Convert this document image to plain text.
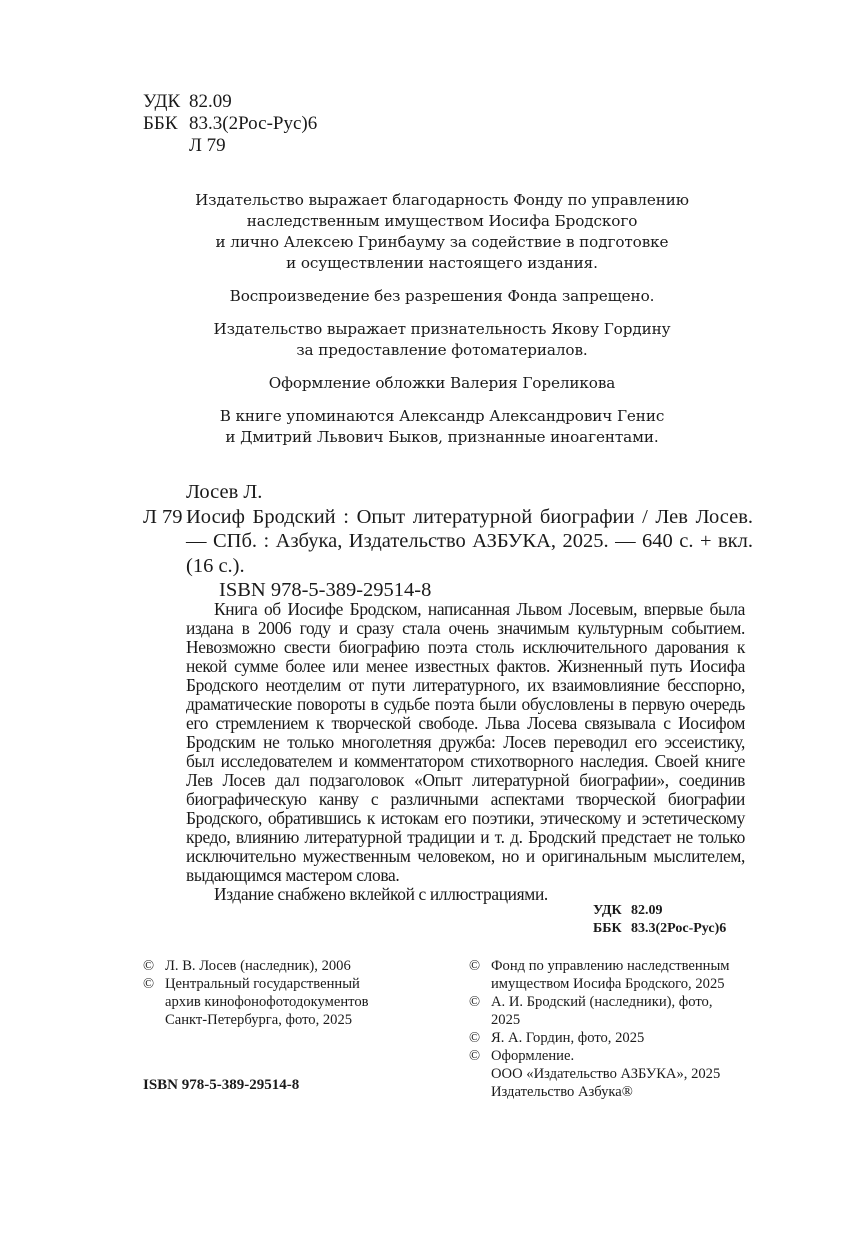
УДК 82.09
ББК 83.3(2Рос-Рус)6
Л 79

Издательство выражает благодарность Фонду по управлению
наследственным имуществом Иосифа Бродского
и лично Алексею Гринбауму за содействие в подготовке
и осуществлении настоящего издания.

Воспроизведение без разрешения Фонда запрещено.

Издательство выражает признательность Якову Гордину
за предоставление фотоматериалов.

Оформление обложки Валерия Гореликова

В книге упоминаются Александр Александрович Генис
и Дмитрий Львович Быков, признанные иноагентами.

Лосев Л.

Л 79 Иосиф Бродский : Опыт литературной биографии / Лев Лосев. — СПб. : Азбука, Издательство АЗБУКА, 2025. — 640 с. + вкл. (16 с.).

ISBN 978-5-389-29514-8

Книга об Иосифе Бродском, написанная Львом Лосевым, впервые была издана в 2006 году и сразу стала очень значимым культурным событием. Невозможно свести биографию поэта столь исключительного дарования к некой сумме более или менее известных фактов. Жизненный путь Иосифа Бродского неотделим от пути литературного, их взаимовлияние бесспорно, драматические повороты в судьбе поэта были обусловлены в первую очередь его стремлением к творческой свободе. Льва Лосева связывала с Иосифом Бродским не только многолетняя дружба: Лосев переводил его эссеистику, был исследователем и комментатором стихотворного наследия. Своей книге Лев Лосев дал подзаголовок «Опыт литературной биографии», соединив биографическую канву с различными аспектами творческой биографии Бродского, обратившись к истокам его поэтики, этическому и эстетическому кредо, влиянию литературной традиции и т. д. Бродский предстает не только исключительно мужественным человеком, но и оригинальным мыслителем, выдающимся мастером слова.

Издание снабжено вклейкой с иллюстрациями.

УДК 82.09
ББК 83.3(2Рос-Рус)6
© Л. В. Лосев (наследник), 2006
© Центральный государственный
архив кинофонофотодокументов
Санкт-Петербурга, фото, 2025
© Фонд по управлению наследственным
имуществом Иосифа Бродского, 2025
© А. И. Бродский (наследники), фото,
2025
© Я. А. Гордин, фото, 2025
© Оформление.
ООО «Издательство АЗБУКА», 2025
Издательство Азбука®
ISBN 978-5-389-29514-8
